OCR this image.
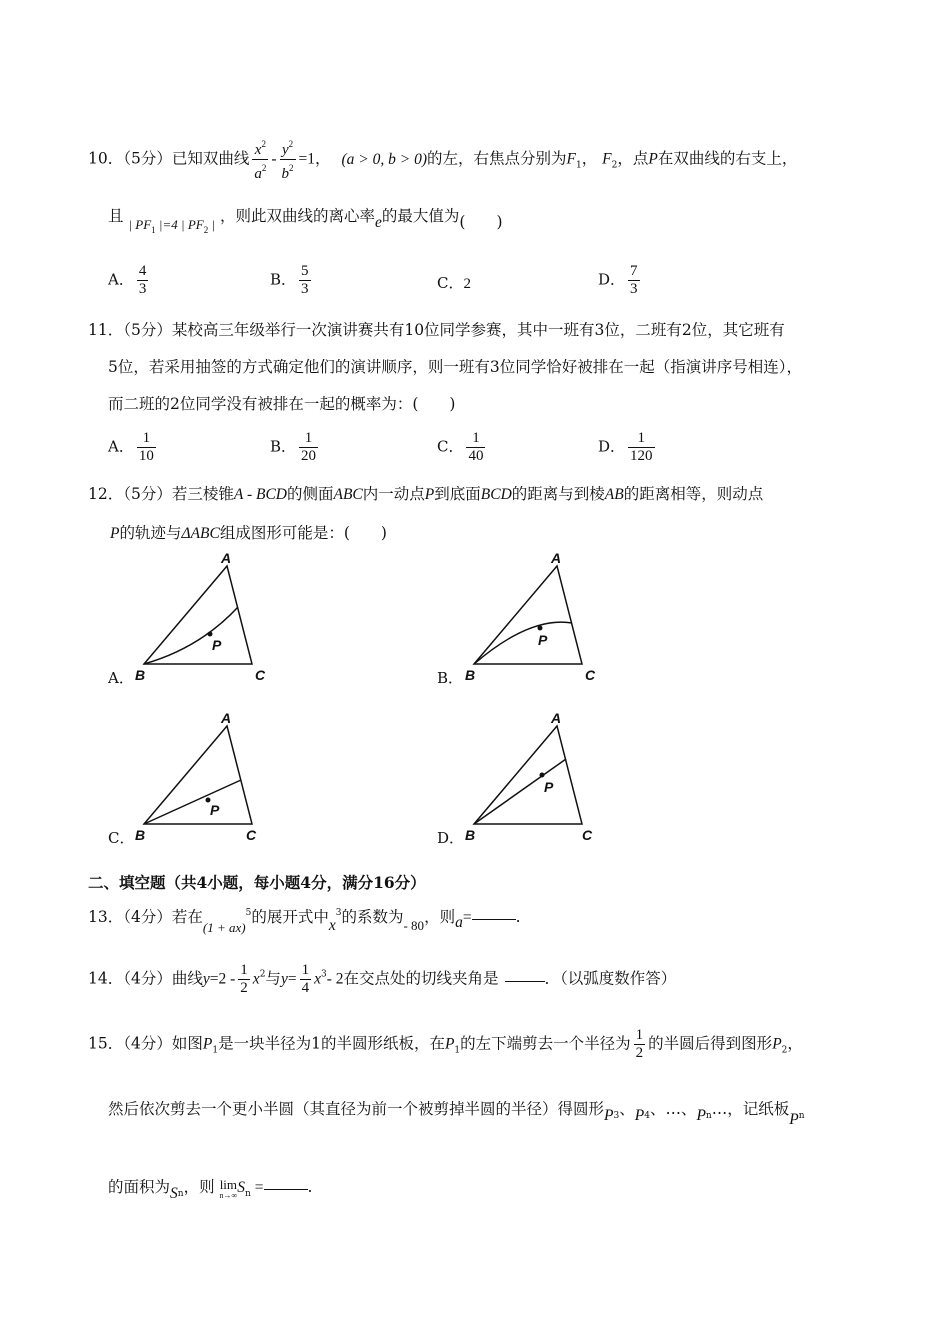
10．（5分）已知双曲线 $\frac{x^2}{a^2} - \frac{y^2}{b^2} =1$， (a > 0, b > 0)的左，右焦点分别为$F_1$， $F_2$，点P在双曲线的右支上，
且 $_{| PF_1 |=4 | PF_2 |}$ ，则此双曲线的离心率e的最大值为(　　)
A． $\frac{4}{3}$	B． $\frac{5}{3}$	C．2	D． $\frac{7}{3}$
11．（5分）某校高三年级举行一次演讲赛共有10位同学参赛，其中一班有3位，二班有2位，其它班有
5位，若采用抽签的方式确定他们的演讲顺序，则一班有3位同学恰好被排在一起（指演讲序号相连），
而二班的2位同学没有被排在一起的概率为：(　　)
A． $\frac{1}{10}$	B． $\frac{1}{20}$	C． $\frac{1}{40}$	D． $\frac{1}{120}$
12．（5分）若三棱锥A - BCD的侧面ABC内一动点P到底面BCD的距离与到棱AB的距离相等，则动点
P的轨迹与ΔABC组成图形可能是：(　　)
A．
A
B	C
P
B．
A
B	C
P
C．
A
B	C
P
D．
A
B	C
P
二、填空题（共4小题，每小题4分，满分16分）
13．（4分）若在$_{(1 + ax)}^5$的展开式中$x^3$的系数为$_{- 80}$，则a=	.
14．（4分）曲线$y=2 - \frac{1}{2} x^2$与$y= \frac{1}{4} x^3-$ 2在交点处的切线夹角是	．（以弧度数作答）
15．（4分）如图$P_1$是一块半径为1的半圆形纸板，在$P_1$的左下端剪去一个半径为 $\frac{1}{2}$ 的半圆后得到图形$P_2$，
然后依次剪去一个更小半圆（其直径为前一个被剪掉半圆的半径）得圆形$P_3$、$P_4$、…、$P_n\dots$，记纸板$P_n$
的面积为$S_n$，则 lim
n→∞ $S_n$ =	.
